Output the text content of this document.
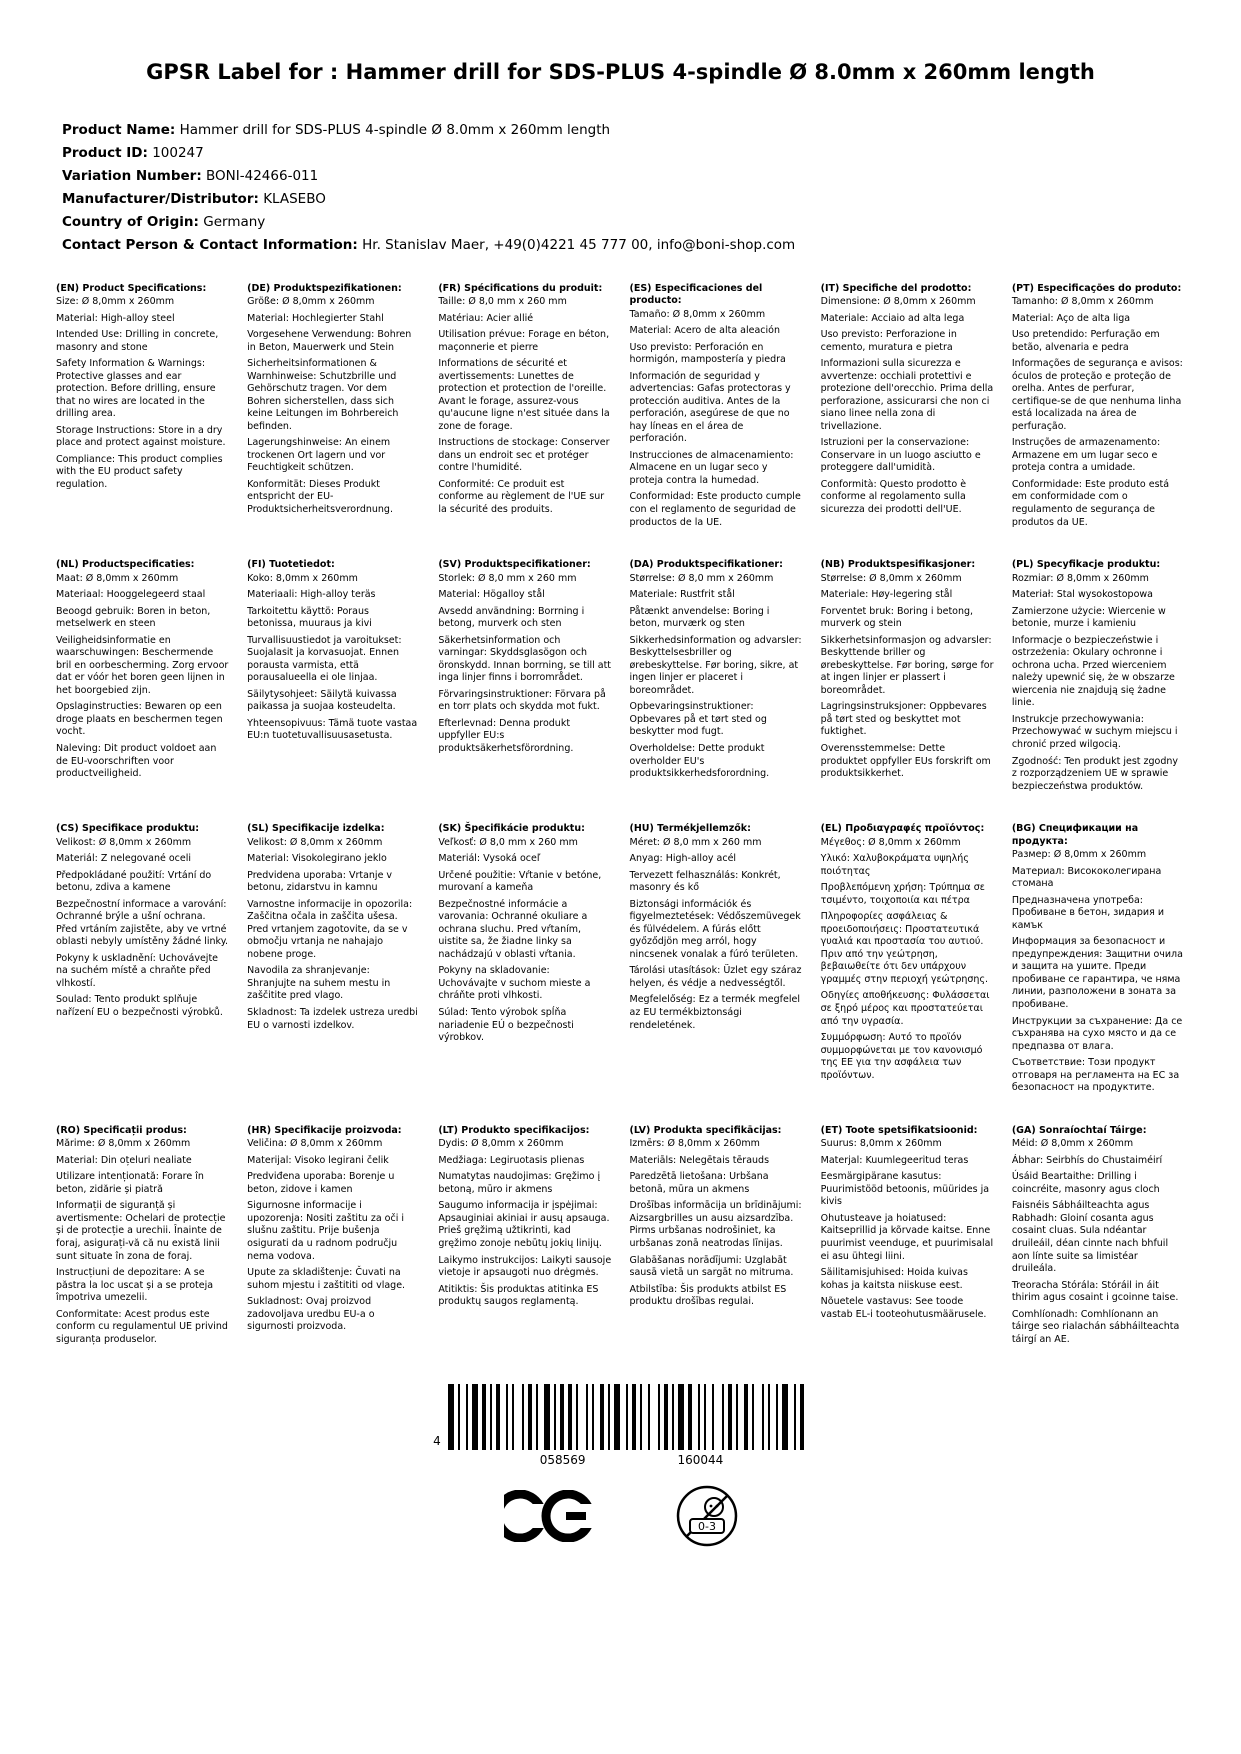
GPSR Label for : Hammer drill for SDS-PLUS 4-spindle Ø 8.0mm x 260mm length
Product Name: Hammer drill for SDS-PLUS 4-spindle Ø 8.0mm x 260mm length
Product ID: 100247
Variation Number: BONI-42466-011
Manufacturer/Distributor: KLASEBO
Country of Origin: Germany
Contact Person & Contact Information: Hr. Stanislav Maer, +49(0)4221 45 777 00, info@boni-shop.com
(EN) Product Specifications:

Size: Ø 8,0mm x 260mm

Material: High-alloy steel

Intended Use: Drilling in concrete, masonry and stone

Safety Information & Warnings: Protective glasses and ear protection. Before drilling, ensure that no wires are located in the drilling area.

Storage Instructions: Store in a dry place and protect against moisture.

Compliance: This product complies with the EU product safety regulation.

(DE) Produktspezifikationen:

Größe: Ø 8,0mm x 260mm

Material: Hochlegierter Stahl

Vorgesehene Verwendung: Bohren in Beton, Mauerwerk und Stein

Sicherheitsinformationen & Warnhinweise: Schutzbrille und Gehörschutz tragen. Vor dem Bohren sicherstellen, dass sich keine Leitungen im Bohrbereich befinden.

Lagerungshinweise: An einem trockenen Ort lagern und vor Feuchtigkeit schützen.

Konformität: Dieses Produkt entspricht der EU-Produktsicherheitsverordnung.

(FR) Spécifications du produit:

Taille: Ø 8,0 mm x 260 mm

Matériau: Acier allié

Utilisation prévue: Forage en béton, maçonnerie et pierre

Informations de sécurité et avertissements: Lunettes de protection et protection de l'oreille. Avant le forage, assurez-vous qu'aucune ligne n'est située dans la zone de forage.

Instructions de stockage: Conserver dans un endroit sec et protéger contre l'humidité.

Conformité: Ce produit est conforme au règlement de l'UE sur la sécurité des produits.

(ES) Especificaciones del producto:

Tamaño: Ø 8,0mm x 260mm

Material: Acero de alta aleación

Uso previsto: Perforación en hormigón, mampostería y piedra

Información de seguridad y advertencias: Gafas protectoras y protección auditiva. Antes de la perforación, asegúrese de que no hay líneas en el área de perforación.

Instrucciones de almacenamiento: Almacene en un lugar seco y proteja contra la humedad.

Conformidad: Este producto cumple con el reglamento de seguridad de productos de la UE.

(IT) Specifiche del prodotto:

Dimensione: Ø 8,0mm x 260mm

Materiale: Acciaio ad alta lega

Uso previsto: Perforazione in cemento, muratura e pietra

Informazioni sulla sicurezza e avvertenze: occhiali protettivi e protezione dell'orecchio. Prima della perforazione, assicurarsi che non ci siano linee nella zona di trivellazione.

Istruzioni per la conservazione: Conservare in un luogo asciutto e proteggere dall'umidità.

Conformità: Questo prodotto è conforme al regolamento sulla sicurezza dei prodotti dell'UE.

(PT) Especificações do produto:

Tamanho: Ø 8,0mm x 260mm

Material: Aço de alta liga

Uso pretendido: Perfuração em betão, alvenaria e pedra

Informações de segurança e avisos: óculos de proteção e proteção de orelha. Antes de perfurar, certifique-se de que nenhuma linha está localizada na área de perfuração.

Instruções de armazenamento: Armazene em um lugar seco e proteja contra a umidade.

Conformidade: Este produto está em conformidade com o regulamento de segurança de produtos da UE.

(NL) Productspecificaties:

Maat: Ø 8,0mm x 260mm

Materiaal: Hooggelegeerd staal

Beoogd gebruik: Boren in beton, metselwerk en steen

Veiligheidsinformatie en waarschuwingen: Beschermende bril en oorbescherming. Zorg ervoor dat er vóór het boren geen lijnen in het boorgebied zijn.

Opslaginstructies: Bewaren op een droge plaats en beschermen tegen vocht.

Naleving: Dit product voldoet aan de EU-voorschriften voor productveiligheid.

(FI) Tuotetiedot:

Koko: 8,0mm x 260mm

Materiaali: High-alloy teräs

Tarkoitettu käyttö: Poraus betonissa, muuraus ja kivi

Turvallisuustiedot ja varoitukset: Suojalasit ja korvasuojat. Ennen porausta varmista, että porausalueella ei ole linjaa.

Säilytysohjeet: Säilytä kuivassa paikassa ja suojaa kosteudelta.

Yhteensopivuus: Tämä tuote vastaa EU:n tuotetuvallisuusasetusta.

(SV) Produktspecifikationer:

Storlek: Ø 8,0 mm x 260 mm

Material: Högalloy stål

Avsedd användning: Borrning i betong, murverk och sten

Säkerhetsinformation och varningar: Skyddsglasögon och öronskydd. Innan borrning, se till att inga linjer finns i borrområdet.

Förvaringsinstruktioner: Förvara på en torr plats och skydda mot fukt.

Efterlevnad: Denna produkt uppfyller EU:s produktsäkerhetsförordning.

(DA) Produktspecifikationer:

Størrelse: Ø 8,0 mm x 260mm

Materiale: Rustfrit stål

Påtænkt anvendelse: Boring i beton, murværk og sten

Sikkerhedsinformation og advarsler: Beskyttelsesbriller og ørebeskyttelse. Før boring, sikre, at ingen linjer er placeret i boreområdet.

Opbevaringsinstruktioner: Opbevares på et tørt sted og beskytter mod fugt.

Overholdelse: Dette produkt overholder EU's produktsikkerhedsforordning.

(NB) Produktspesifikasjoner:

Størrelse: Ø 8,0mm x 260mm

Materiale: Høy-legering stål

Forventet bruk: Boring i betong, murverk og stein

Sikkerhetsinformasjon og advarsler: Beskyttende briller og ørebeskyttelse. Før boring, sørge for at ingen linjer er plassert i boreområdet.

Lagringsinstruksjoner: Oppbevares på tørt sted og beskyttet mot fuktighet.

Overensstemmelse: Dette produktet oppfyller EUs forskrift om produktsikkerhet.

(PL) Specyfikacje produktu:

Rozmiar: Ø 8,0mm x 260mm

Materiał: Stal wysokostopowa

Zamierzone użycie: Wiercenie w betonie, murze i kamieniu

Informacje o bezpieczeństwie i ostrzeżenia: Okulary ochronne i ochrona ucha. Przed wierceniem należy upewnić się, że w obszarze wiercenia nie znajdują się żadne linie.

Instrukcje przechowywania: Przechowywać w suchym miejscu i chronić przed wilgocią.

Zgodność: Ten produkt jest zgodny z rozporządzeniem UE w sprawie bezpieczeństwa produktów.

(CS) Specifikace produktu:

Velikost: Ø 8,0mm x 260mm

Materiál: Z nelegované oceli

Předpokládané použití: Vrtání do betonu, zdiva a kamene

Bezpečnostní informace a varování: Ochranné brýle a ušní ochrana. Před vrtáním zajistěte, aby ve vrtné oblasti nebyly umístěny žádné linky.

Pokyny k uskladnění: Uchovávejte na suchém místě a chraňte před vlhkostí.

Soulad: Tento produkt splňuje nařízení EU o bezpečnosti výrobků.

(SL) Specifikacije izdelka:

Velikost: Ø 8,0mm x 260mm

Material: Visokolegirano jeklo

Predvidena uporaba: Vrtanje v betonu, zidarstvu in kamnu

Varnostne informacije in opozorila: Zaščitna očala in zaščita ušesa. Pred vrtanjem zagotovite, da se v območju vrtanja ne nahajajo nobene proge.

Navodila za shranjevanje: Shranjujte na suhem mestu in zaščitite pred vlago.

Skladnost: Ta izdelek ustreza uredbi EU o varnosti izdelkov.

(SK) Špecifikácie produktu:

Veľkosť: Ø 8,0 mm x 260 mm

Materiál: Vysoká oceľ

Určené použitie: Vŕtanie v betóne, murovaní a kameňa

Bezpečnostné informácie a varovania: Ochranné okuliare a ochrana sluchu. Pred vŕtaním, uistite sa, že žiadne linky sa nachádzajú v oblasti vŕtania.

Pokyny na skladovanie: Uchovávajte v suchom mieste a chráňte proti vlhkosti.

Súlad: Tento výrobok spĺňa nariadenie EÚ o bezpečnosti výrobkov.

(HU) Termékjellemzők:

Méret: Ø 8,0 mm x 260 mm

Anyag: High-alloy acél

Tervezett felhasználás: Konkrét, masonry és kő

Biztonsági információk és figyelmeztetések: Védőszemüvegek és fülvédelem. A fúrás előtt győződjön meg arról, hogy nincsenek vonalak a fúró területen.

Tárolási utasítások: Üzlet egy száraz helyen, és védje a nedvességtől.

Megfelelőség: Ez a termék megfelel az EU termékbiztonsági rendeletének.

(EL) Προδιαγραφές προϊόντος:

Μέγεθος: Ø 8,0mm x 260mm

Υλικό: Χαλυβοκράματα υψηλής ποιότητας

Προβλεπόμενη χρήση: Τρύπημα σε τσιμέντο, τοιχοποιία και πέτρα

Πληροφορίες ασφάλειας & προειδοποιήσεις: Προστατευτικά γυαλιά και προστασία του αυτιού. Πριν από την γεώτρηση, βεβαιωθείτε ότι δεν υπάρχουν γραμμές στην περιοχή γεώτρησης.

Οδηγίες αποθήκευσης: Φυλάσσεται σε ξηρό μέρος και προστατεύεται από την υγρασία.

Συμμόρφωση: Αυτό το προϊόν συμμορφώνεται με τον κανονισμό της ΕΕ για την ασφάλεια των προϊόντων.

(BG) Спецификации на продукта:

Размер: Ø 8,0mm x 260mm

Материал: Висококолегирана стомана

Предназначена употреба: Пробиване в бетон, зидария и камък

Информация за безопасност и предупреждения: Защитни очила и защита на ушите. Преди пробиване се гарантира, че няма линии, разположени в зоната за пробиване.

Инструкции за съхранение: Да се съхранява на сухо място и да се предпазва от влага.

Съответствие: Този продукт отговаря на регламента на ЕС за безопасност на продуктите.

(RO) Specificații produs:

Mărime: Ø 8,0mm x 260mm

Material: Din oțeluri nealiate

Utilizare intenționată: Forare în beton, zidărie și piatră

Informații de siguranță și avertismente: Ochelari de protecție și de protecție a urechii. Înainte de foraj, asigurați-vă că nu există linii sunt situate în zona de foraj.

Instrucțiuni de depozitare: A se păstra la loc uscat și a se proteja împotriva umezelii.

Conformitate: Acest produs este conform cu regulamentul UE privind siguranța produselor.

(HR) Specifikacije proizvoda:

Veličina: Ø 8,0mm x 260mm

Materijal: Visoko legirani čelik

Predviđena uporaba: Borenje u beton, zidove i kamen

Sigurnosne informacije i upozorenja: Nositi zaštitu za oči i slušnu zaštitu. Prije bušenja osigurati da u radnom području nema vodova.

Upute za skladištenje: Čuvati na suhom mjestu i zaštititi od vlage.

Sukladnost: Ovaj proizvod zadovoljava uredbu EU-a o sigurnosti proizvoda.

(LT) Produkto specifikacijos:

Dydis: Ø 8,0mm x 260mm

Medžiaga: Legiruotasis plienas

Numatytas naudojimas: Gręžimo į betoną, mūro ir akmens

Saugumo informacija ir įspėjimai: Apsauginiai akiniai ir ausų apsauga. Prieš gręžimą užtikrinti, kad gręžimo zonoje nebūtų jokių linijų.

Laikymo instrukcijos: Laikyti sausoje vietoje ir apsaugoti nuo drėgmės.

Atitiktis: Šis produktas atitinka ES produktų saugos reglamentą.

(LV) Produkta specifikācijas:

Izmērs: Ø 8,0mm x 260mm

Materiāls: Nelegētais tērauds

Paredzētā lietošana: Urbšana betonā, mūra un akmens

Drošības informācija un brīdinājumi: Aizsargbrilles un ausu aizsardzība. Pirms urbšanas nodrošiniet, ka urbšanas zonā neatrodas līnijas.

Glabāšanas norādījumi: Uzglabāt sausā vietā un sargāt no mitruma.

Atbilstība: Šis produkts atbilst ES produktu drošības regulai.

(ET) Toote spetsifikatsioonid:

Suurus: 8,0mm x 260mm

Materjal: Kuumlegeeritud teras

Eesmärgipärane kasutus: Puurimistööd betoonis, müürides ja kivis

Ohutusteave ja hoiatused: Kaitseprillid ja kõrvade kaitse. Enne puurimist veenduge, et puurimisalal ei asu ühtegi liini.

Säilitamisjuhised: Hoida kuivas kohas ja kaitsta niiskuse eest.

Nõuetele vastavus: See toode vastab EL-i tooteohutusmäärusele.

(GA) Sonraíochtaí Táirge:

Méid: Ø 8,0mm x 260mm

Ábhar: Seirbhís do Chustaiméirí

Úsáid Beartaithe: Drilling i coincréite, masonry agus cloch

Faisnéis Sábháilteachta agus Rabhadh: Gloiní cosanta agus cosaint cluas. Sula ndéantar druileáil, déan cinnte nach bhfuil aon línte suite sa limistéar druileála.

Treoracha Stórála: Stóráil in áit thirim agus cosaint i gcoinne taise.

Comhlíonadh: Comhlíonann an táirge seo rialachán sábháilteachta táirgí an AE.

4
058569	160044
0-3
